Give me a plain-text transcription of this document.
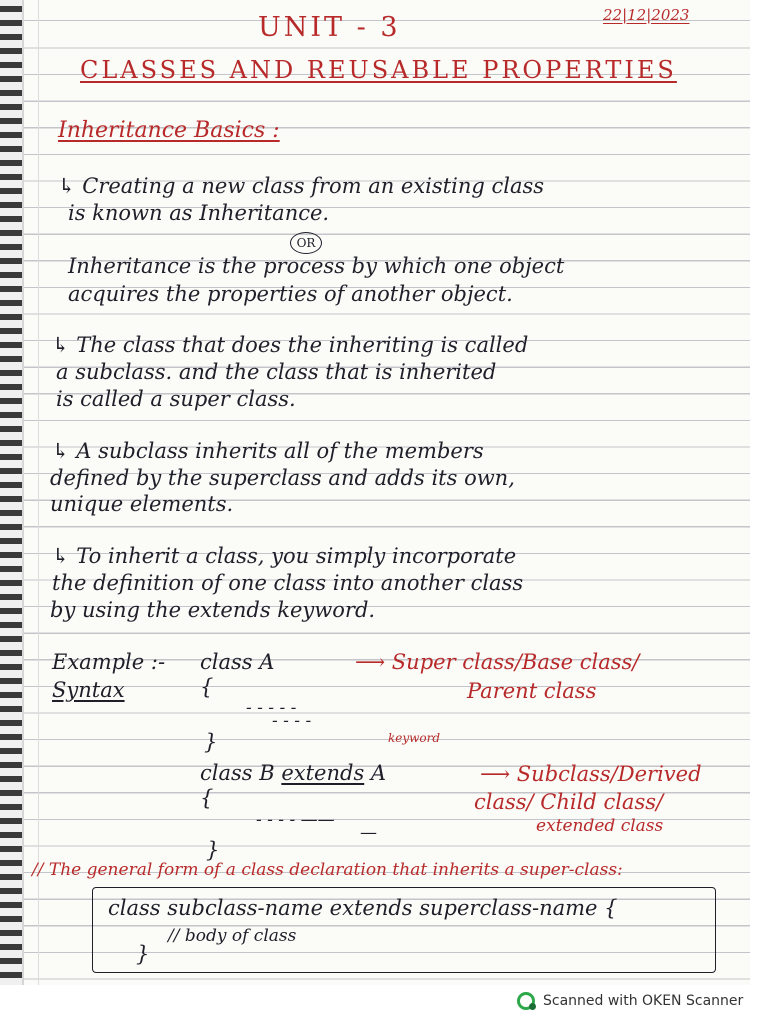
22|12|2023
UNIT - 3
CLASSES AND REUSABLE PROPERTIES
Inheritance Basics :
↳ Creating a new class from an existing class
is known as Inheritance.
OR
Inheritance is the process by which one object
acquires the properties of another object.
↳ The class that does the inheriting is called
a subclass. and the class that is inherited
is called a super class.
↳ A subclass inherits all of the members
defined by the superclass and adds its own,
unique elements.
↳ To inherit a class, you simply incorporate
the definition of one class into another class
by using the extends keyword.
Example :-
Syntax
class A	⟶ Super class/Base class/
Parent class
{
- - - - -
- - - -
}	keyword
class B extends A	⟶ Subclass/Derived
class/ Child class/
extended class
{
- - - - ——
—
}
// The general form of a class declaration that inherits a super-class:
class subclass-name extends superclass-name {
// body of class
}
Scanned with OKEN Scanner
